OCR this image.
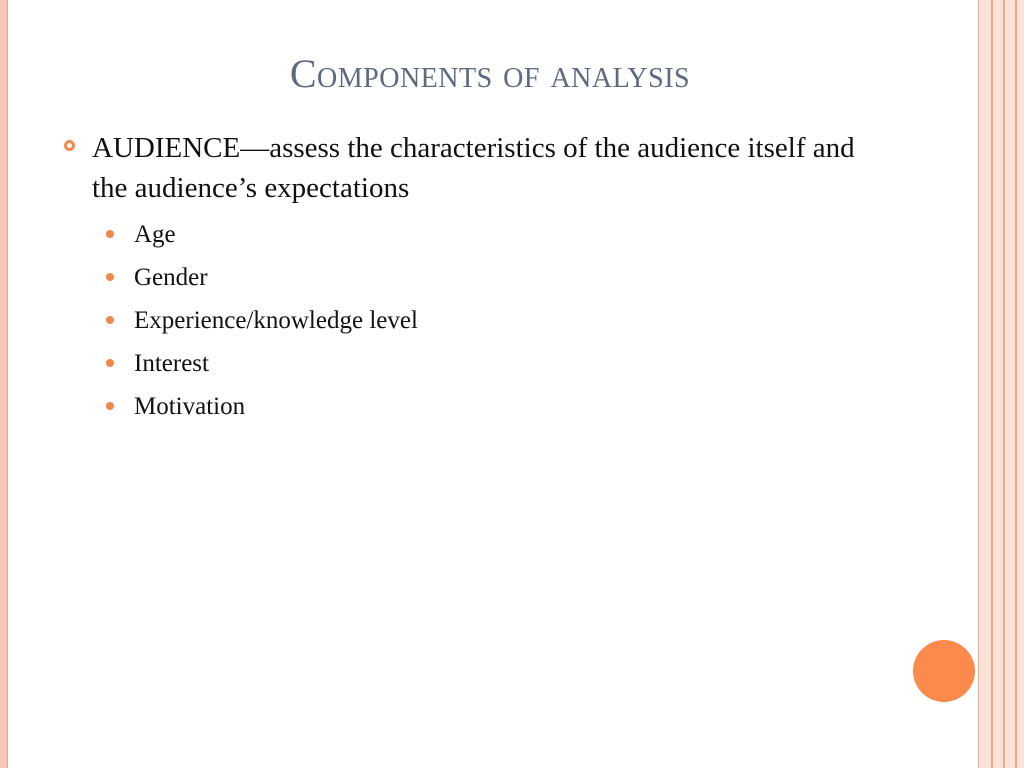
Components of analysis
AUDIENCE—assess the characteristics of the audience itself and the audience’s expectations
Age
Gender
Experience/knowledge level
Interest
Motivation
